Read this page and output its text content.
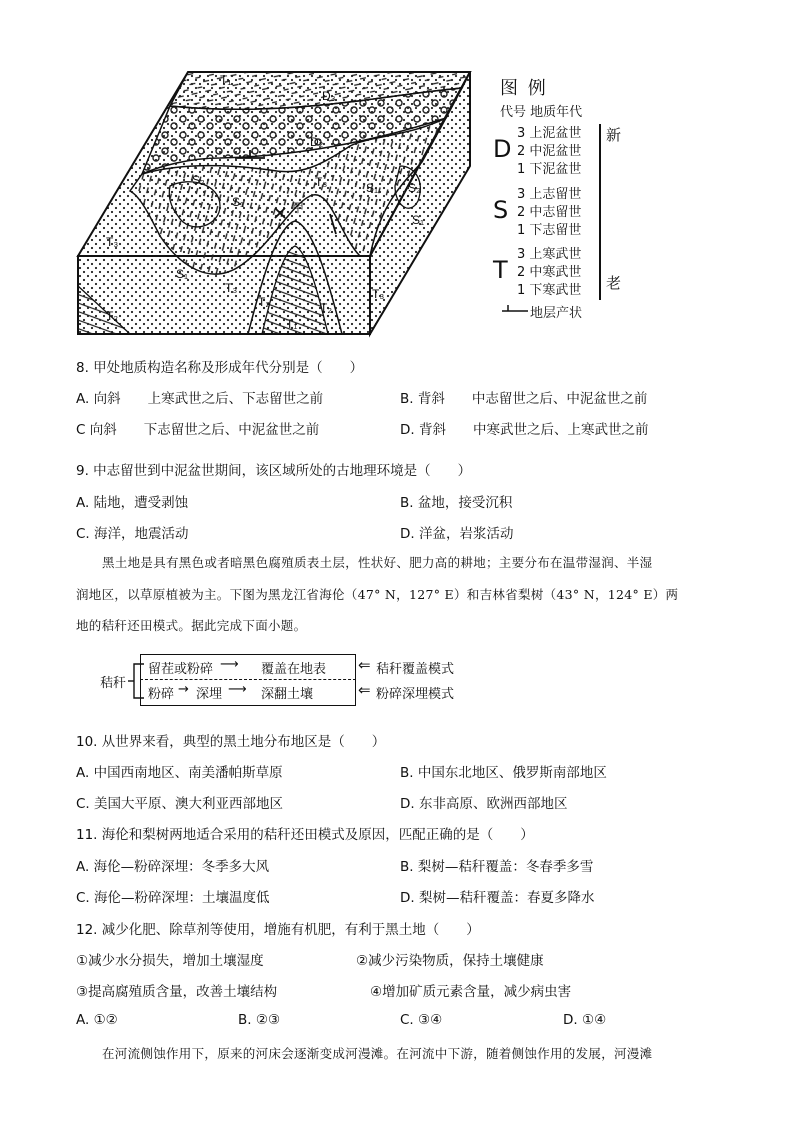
T₁
D₃
D₂
S₂	T₃
S₁
S₁ S₂
S₁
S₁
T₃
T₃
T₂	T₂
T₁
T₂
T₃
甲
图 例
代号 地质年代
D
3 上泥盆世
2 中泥盆世
1 下泥盆世
S
3 上志留世
2 中志留世
1 下志留世
T
3 上寒武世
2 中寒武世
1 下寒武世
新
老
地层产状
8. 甲处地质构造名称及形成年代分别是（　　）
A. 向斜　　上寒武世之后、下志留世之前	B. 背斜　　中志留世之后、中泥盆世之前
C 向斜　　下志留世之后、中泥盆世之前	D. 背斜　　中寒武世之后、上寒武世之前
9. 中志留世到中泥盆世期间，该区域所处的古地理环境是（　　）
A. 陆地，遭受剥蚀	B. 盆地，接受沉积
C. 海洋，地震活动	D. 洋盆，岩浆活动
黑土地是具有黑色或者暗黑色腐殖质表土层，性状好、肥力高的耕地；主要分布在温带湿润、半湿
润地区，以草原植被为主。下图为黑龙江省海伦（47° N，127° E）和吉林省梨树（43° N，124° E）两
地的秸秆还田模式。据此完成下面小题。
秸秆
留茬或粉碎 ⟶ 覆盖在地表
粉碎 → 深埋 ⟶ 深翻土壤
⇐ 秸秆覆盖模式
⇐ 粉碎深埋模式
10. 从世界来看，典型的黑土地分布地区是（　　）
A. 中国西南地区、南美潘帕斯草原	B. 中国东北地区、俄罗斯南部地区
C. 美国大平原、澳大利亚西部地区	D. 东非高原、欧洲西部地区
11. 海伦和梨树两地适合采用的秸秆还田模式及原因，匹配正确的是（　　）
A. 海伦—粉碎深埋：冬季多大风	B. 梨树—秸秆覆盖：冬春季多雪
C. 海伦—粉碎深埋：土壤温度低	D. 梨树—秸秆覆盖：春夏多降水
12. 减少化肥、除草剂等使用，增施有机肥，有利于黑土地（　　）
①减少水分损失，增加土壤湿度	②减少污染物质，保持土壤健康
③提高腐殖质含量，改善土壤结构	④增加矿质元素含量，减少病虫害
A. ①②	B. ②③	C. ③④	D. ①④
在河流侧蚀作用下，原来的河床会逐渐变成河漫滩。在河流中下游，随着侧蚀作用的发展，河漫滩
